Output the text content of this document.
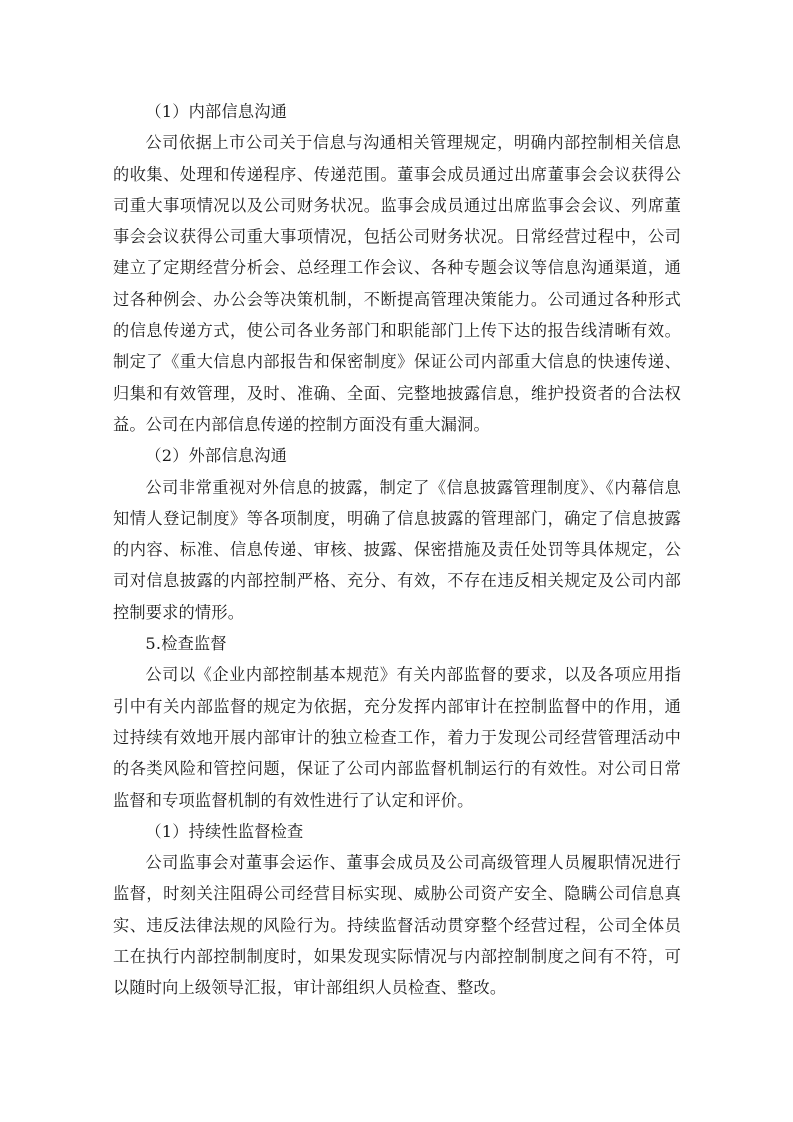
（1）内部信息沟通

公司依据上市公司关于信息与沟通相关管理规定，明确内部控制相关信息的收集、处理和传递程序、传递范围。董事会成员通过出席董事会会议获得公司重大事项情况以及公司财务状况。监事会成员通过出席监事会会议、列席董事会会议获得公司重大事项情况，包括公司财务状况。日常经营过程中，公司建立了定期经营分析会、总经理工作会议、各种专题会议等信息沟通渠道，通过各种例会、办公会等决策机制，不断提高管理决策能力。公司通过各种形式的信息传递方式，使公司各业务部门和职能部门上传下达的报告线清晰有效。制定了《重大信息内部报告和保密制度》保证公司内部重大信息的快速传递、归集和有效管理，及时、准确、全面、完整地披露信息，维护投资者的合法权益。公司在内部信息传递的控制方面没有重大漏洞。

（2）外部信息沟通

公司非常重视对外信息的披露，制定了《信息披露管理制度》、《内幕信息知情人登记制度》等各项制度，明确了信息披露的管理部门，确定了信息披露的内容、标准、信息传递、审核、披露、保密措施及责任处罚等具体规定，公司对信息披露的内部控制严格、充分、有效，不存在违反相关规定及公司内部控制要求的情形。

5.检查监督

公司以《企业内部控制基本规范》有关内部监督的要求，以及各项应用指引中有关内部监督的规定为依据，充分发挥内部审计在控制监督中的作用，通过持续有效地开展内部审计的独立检查工作，着力于发现公司经营管理活动中的各类风险和管控问题，保证了公司内部监督机制运行的有效性。对公司日常监督和专项监督机制的有效性进行了认定和评价。

（1）持续性监督检查

公司监事会对董事会运作、董事会成员及公司高级管理人员履职情况进行监督，时刻关注阻碍公司经营目标实现、威胁公司资产安全、隐瞒公司信息真实、违反法律法规的风险行为。持续监督活动贯穿整个经营过程，公司全体员工在执行内部控制制度时，如果发现实际情况与内部控制制度之间有不符，可以随时向上级领导汇报，审计部组织人员检查、整改。
